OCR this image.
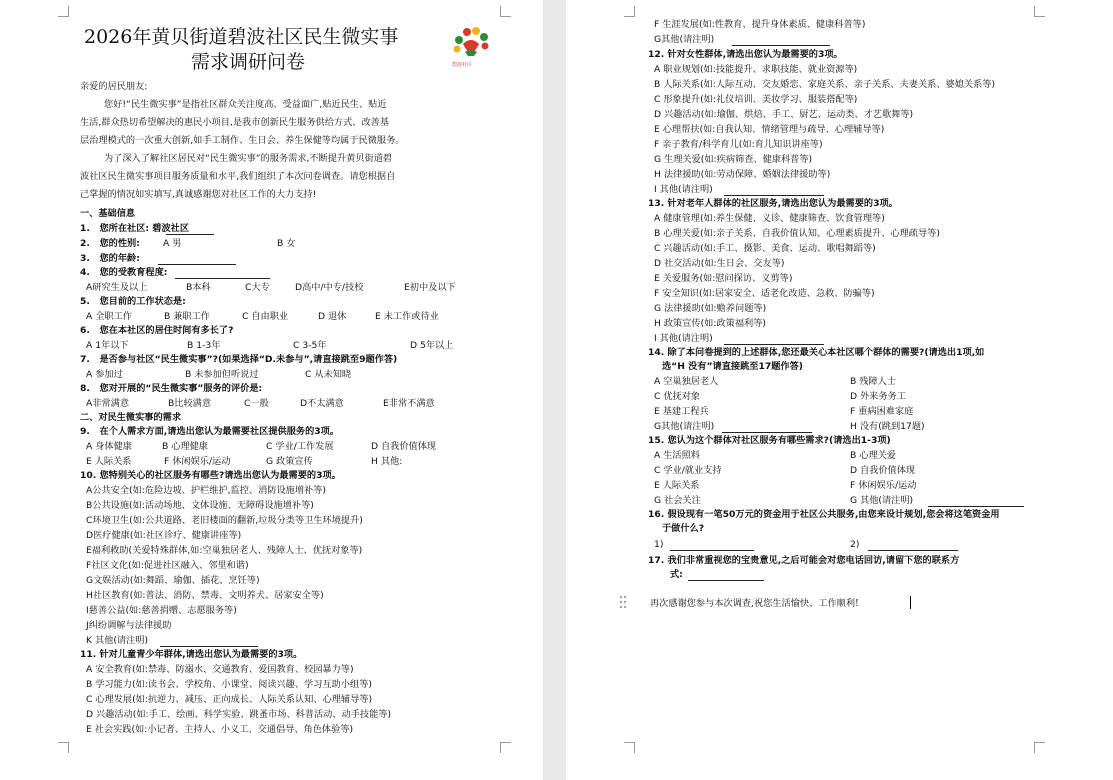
2026年黄贝街道碧波社区民生微实事
需求调研问卷	碧波社区
亲爱的居民朋友:
您好!“民生微实事”是指社区群众关注度高、受益面广,贴近民生、贴近
生活,群众热切希望解决的惠民小项目,是我市创新民生服务供给方式、改善基
层治理模式的一次重大创新,如手工制作、生日会、养生保健等均属于民微服务。
为了深入了解社区居民对“民生微实事”的服务需求,不断提升黄贝街道碧
波社区民生微实事项目服务质量和水平,我们组织了本次问卷调查。请您根据自
己掌握的情况如实填写,真诚感谢您对社区工作的大力支持!
一、基础信息
1.   您所在社区: 碧波社区
2.   您的性别:	A 男	B 女
3.   您的年龄:
4.   您的受教育程度:
A研究生及以上	B本科	C大专	D高中/中专/技校	E初中及以下
5.   您目前的工作状态是:
A 全职工作	B 兼职工作	C 自由职业	D 退休	E 未工作或待业
6.   您在本社区的居住时间有多长了?
A 1年以下	B 1-3年	C 3-5年	D 5年以上
7.   是否参与社区“民生微实事”?(如果选择“D.未参与”,请直接跳至9题作答)
A 参加过	B 未参加但听说过	C 从未知晓
8.   您对开展的“民生微实事”服务的评价是:
A非常满意	B比较满意	C一般	D不太满意	E非常不满意
二、对民生微实事的需求
9.   在个人需求方面,请选出您认为最需要社区提供服务的3项。
A 身体健康	B 心理健康	C 学业/工作发展	D 自我价值体现
E 人际关系	F 休闲娱乐/运动	G 政策宣传	H 其他:
10. 您特别关心的社区服务有哪些?请选出您认为最需要的3项。
A公共安全(如:危险边坡、护栏维护,监控、消防设施增补等)
B公共设施(如:活动场地、文体设施、无障碍设施增补等)
C环境卫生(如:公共道路、老旧楼面的翻新,垃圾分类等卫生环境提升)
D医疗健康(如:社区诊疗、健康讲座等)
E福利救助(关爱特殊群体,如:空巢独居老人、残障人士、优抚对象等)
F社区文化(如:促进社区融入、邻里和谐)
G文娱活动(如:舞蹈、瑜伽、插花、烹饪等)
H社区教育(如:普法、消防、禁毒、文明养犬、居家安全等)
I慈善公益(如:慈善捐赠、志愿服务等)
J纠纷调解与法律援助
K 其他(请注明)
11. 针对儿童青少年群体,请选出您认为最需要的3项。
A 安全教育(如:禁毒、防溺水、交通教育、爱国教育、校园暴力等)
B 学习能力(如:读书会、学校角、小课堂、阅读兴趣、学习互助小组等)
C 心理发展(如:抗逆力、减压、正向成长、人际关系认知、心理辅导等)
D 兴趣活动(如:手工、绘画、科学实验、跳蚤市场、科普活动、动手技能等)
E 社会实践(如:小记者、主持人、小义工、交通倡导、角色体验等)
F 生涯发展(如:性教育、提升身体素质、健康科普等)
G其他(请注明)
12. 针对女性群体,请选出您认为最需要的3项。
A 职业规划(如:技能提升、求职技能、就业资源等)
B 人际关系(如:人际互动、交友婚恋、家庭关系、亲子关系、夫妻关系、婆媳关系等)
C 形象提升(如:礼仪培训、美妆学习、服装搭配等)
D 兴趣活动(如:瑜伽、烘焙、手工、厨艺、运动类、才艺歌舞等)
E 心理帮扶(如:自我认知、情绪管理与疏导、心理辅导等)
F 亲子教育/科学育儿(如:育儿知识讲座等)
G 生理关爱(如:疾病筛查、健康科普等)
H 法律援助(如:劳动保障、婚姻法律援助等)
I 其他(请注明)
13. 针对老年人群体的社区服务,请选出您认为最需要的3项。
A 健康管理(如:养生保健、义诊、健康筛查、饮食管理等)
B 心理关爱(如:亲子关系、自我价值认知、心理素质提升、心理疏导等)
C 兴趣活动(如:手工、摄影、美食、运动、歌唱舞蹈等)
D 社交活动(如:生日会、交友等)
E 关爱服务(如:慰问探访、义剪等)
F 安全知识(如:居家安全、适老化改造、急救、防骗等)
G 法律援助(如:赡养问题等)
H 政策宣传(如:政策福利等)
I 其他(请注明)
14. 除了本问卷提到的上述群体,您还最关心本社区哪个群体的需要?(请选出1项,如
选“H 没有”请直接跳至17题作答)
A 空巢独居老人	B 残障人士
C 优抚对象	D 外来务务工
E 基建工程兵	F 重病困难家庭
G其他(请注明)	H 没有(跳到17题)
15. 您认为这个群体对社区服务有哪些需求?(请选出1-3项)
A 生活照料	B 心理关爱
C 学业/就业支持	D 自我价值体现
E 人际关系	F 休闲娱乐/运动
G 社会关注	G 其他(请注明)
16. 假设现有一笔50万元的资金用于社区公共服务,由您来设计规划,您会将这笔资金用
于做什么?
1)	2)
17. 我们非常重视您的宝贵意见,之后可能会对您电话回访,请留下您的联系方
式:
再次感谢您参与本次调查,祝您生活愉快、工作顺利!
